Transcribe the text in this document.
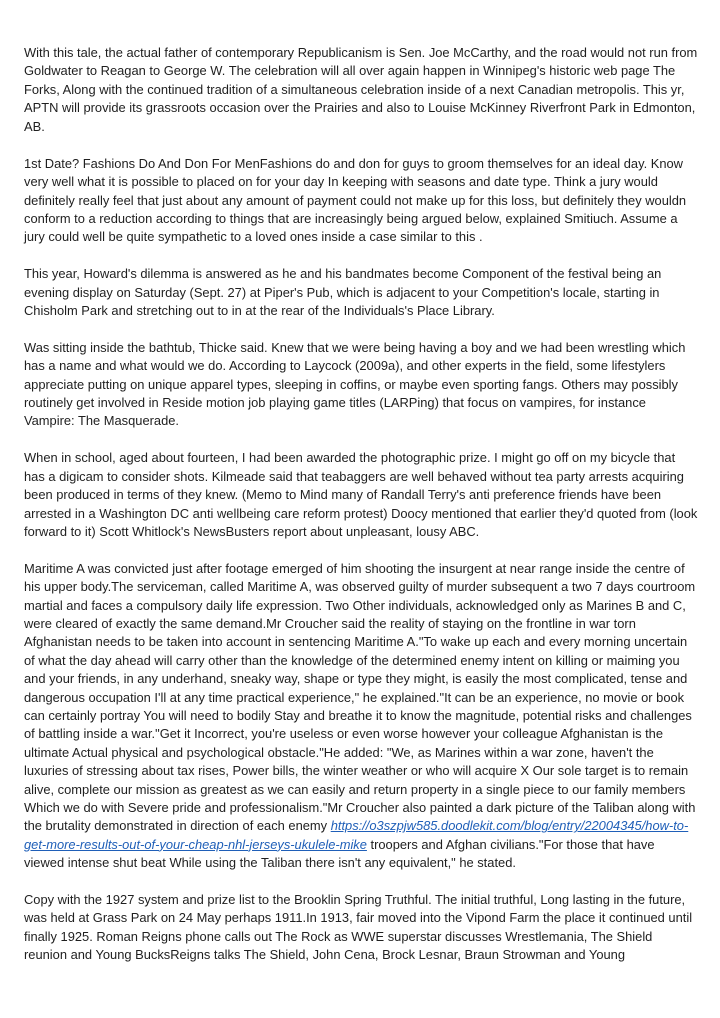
With this tale, the actual father of contemporary Republicanism is Sen. Joe McCarthy, and the road would not run from Goldwater to Reagan to George W. The celebration will all over again happen in Winnipeg's historic web page The Forks, Along with the continued tradition of a simultaneous celebration inside of a next Canadian metropolis. This yr, APTN will provide its grassroots occasion over the Prairies and also to Louise McKinney Riverfront Park in Edmonton, AB.

1st Date? Fashions Do And Don For MenFashions do and don for guys to groom themselves for an ideal day. Know very well what it is possible to placed on for your day In keeping with seasons and date type. Think a jury would definitely really feel that just about any amount of payment could not make up for this loss, but definitely they wouldn conform to a reduction according to things that are increasingly being argued below, explained Smitiuch. Assume a jury could well be quite sympathetic to a loved ones inside a case similar to this .

This year, Howard's dilemma is answered as he and his bandmates become Component of the festival being an evening display on Saturday (Sept. 27) at Piper's Pub, which is adjacent to your Competition's locale, starting in Chisholm Park and stretching out to in at the rear of the Individuals's Place Library.

Was sitting inside the bathtub, Thicke said. Knew that we were being having a boy and we had been wrestling which has a name and what would we do. According to Laycock (2009a), and other experts in the field, some lifestylers appreciate putting on unique apparel types, sleeping in coffins, or maybe even sporting fangs. Others may possibly routinely get involved in Reside motion job playing game titles (LARPing) that focus on vampires, for instance Vampire: The Masquerade.

When in school, aged about fourteen, I had been awarded the photographic prize. I might go off on my bicycle that has a digicam to consider shots. Kilmeade said that teabaggers are well behaved without tea party arrests acquiring been produced in terms of they knew. (Memo to Mind many of Randall Terry's anti preference friends have been arrested in a Washington DC anti wellbeing care reform protest) Doocy mentioned that earlier they'd quoted from (look forward to it) Scott Whitlock's NewsBusters report about unpleasant, lousy ABC.

Maritime A was convicted just after footage emerged of him shooting the insurgent at near range inside the centre of his upper body.The serviceman, called Maritime A, was observed guilty of murder subsequent a two 7 days courtroom martial and faces a compulsory daily life expression. Two Other individuals, acknowledged only as Marines B and C, were cleared of exactly the same demand.Mr Croucher said the reality of staying on the frontline in war torn Afghanistan needs to be taken into account in sentencing Maritime A."To wake up each and every morning uncertain of what the day ahead will carry other than the knowledge of the determined enemy intent on killing or maiming you and your friends, in any underhand, sneaky way, shape or type they might, is easily the most complicated, tense and dangerous occupation I'll at any time practical experience," he explained."It can be an experience, no movie or book can certainly portray You will need to bodily Stay and breathe it to know the magnitude, potential risks and challenges of battling inside a war."Get it Incorrect, you're useless or even worse however your colleague Afghanistan is the ultimate Actual physical and psychological obstacle."He added: "We, as Marines within a war zone, haven't the luxuries of stressing about tax rises, Power bills, the winter weather or who will acquire X Our sole target is to remain alive, complete our mission as greatest as we can easily and return property in a single piece to our family members Which we do with Severe pride and professionalism."Mr Croucher also painted a dark picture of the Taliban along with the brutality demonstrated in direction of each enemy https://o3szpjw585.doodlekit.com/blog/entry/22004345/how-to-get-more-results-out-of-your-cheap-nhl-jerseys-ukulele-mike troopers and Afghan civilians."For those that have viewed intense shut beat While using the Taliban there isn't any equivalent," he stated.

Copy with the 1927 system and prize list to the Brooklin Spring Truthful. The initial truthful, Long lasting in the future, was held at Grass Park on 24 May perhaps 1911.In 1913, fair moved into the Vipond Farm the place it continued until finally 1925. Roman Reigns phone calls out The Rock as WWE superstar discusses Wrestlemania, The Shield reunion and Young BucksReigns talks The Shield, John Cena, Brock Lesnar, Braun Strowman and Young
